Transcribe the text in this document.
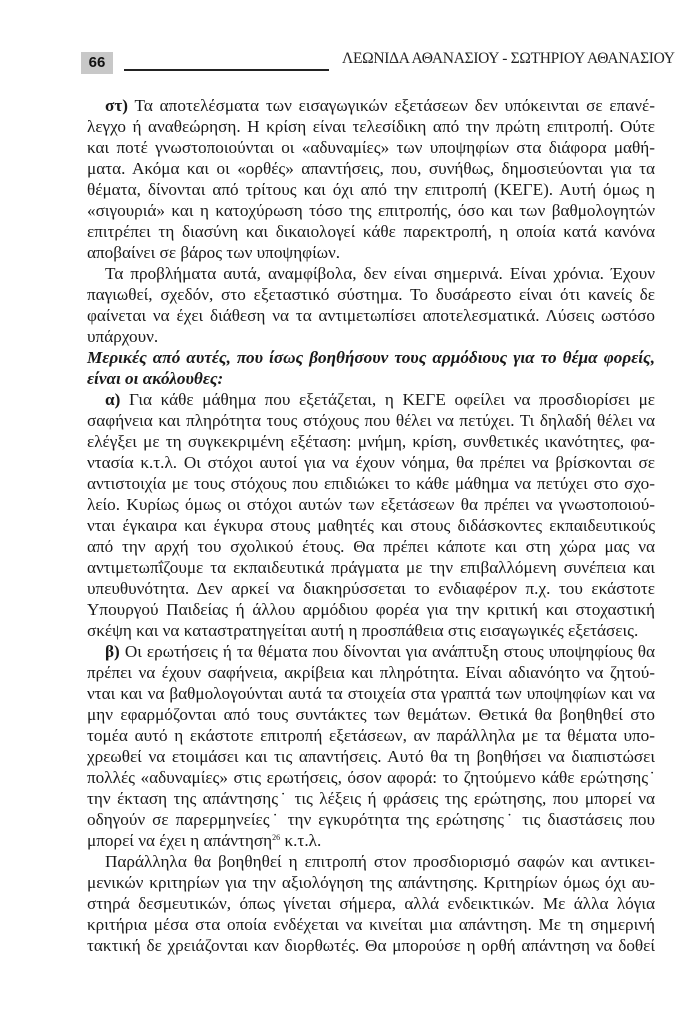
66	ΛΕΩΝΙΔΑ ΑΘΑΝΑΣΙΟΥ - ΣΩΤΗΡΙΟΥ ΑΘΑΝΑΣΙΟΥ
στ) Τα αποτελέσματα των εισαγωγικών εξετάσεων δεν υπόκεινται σε επανέ-
λεγχο ή αναθεώρηση. Η κρίση είναι τελεσίδικη από την πρώτη επιτροπή. Ούτε
και ποτέ γνωστοποιούνται οι «αδυναμίες» των υποψηφίων στα διάφορα μαθή-
ματα. Ακόμα και οι «ορθές» απαντήσεις, που, συνήθως, δημοσιεύονται για τα
θέματα, δίνονται από τρίτους και όχι από την επιτροπή (ΚΕΓΕ). Αυτή όμως η
«σιγουριά» και η κατοχύρωση τόσο της επιτροπής, όσο και των βαθμολογητών
επιτρέπει τη διασύνη και δικαιολογεί κάθε παρεκτροπή, η οποία κατά κανόνα
αποβαίνει σε βάρος των υποψηφίων.
Τα προβλήματα αυτά, αναμφίβολα, δεν είναι σημερινά. Είναι χρόνια. Έχουν
παγιωθεί, σχεδόν, στο εξεταστικό σύστημα. Το δυσάρεστο είναι ότι κανείς δε
φαίνεται να έχει διάθεση να τα αντιμετωπίσει αποτελεσματικά. Λύσεις ωστόσο
υπάρχουν.
Μερικές από αυτές, που ίσως βοηθήσουν τους αρμόδιους για το θέμα φορείς,
είναι οι ακόλουθες:
α) Για κάθε μάθημα που εξετάζεται, η ΚΕΓΕ οφείλει να προσδιορίσει με
σαφήνεια και πληρότητα τους στόχους που θέλει να πετύχει. Τι δηλαδή θέλει να
ελέγξει με τη συγκεκριμένη εξέταση: μνήμη, κρίση, συνθετικές ικανότητες, φα-
ντασία κ.τ.λ. Οι στόχοι αυτοί για να έχουν νόημα, θα πρέπει να βρίσκονται σε
αντιστοιχία με τους στόχους που επιδιώκει το κάθε μάθημα να πετύχει στο σχο-
λείο. Κυρίως όμως οι στόχοι αυτών των εξετάσεων θα πρέπει να γνωστοποιού-
νται έγκαιρα και έγκυρα στους μαθητές και στους διδάσκοντες εκπαιδευτικούς
από την αρχή του σχολικού έτους. Θα πρέπει κάποτε και στη χώρα μας να
αντιμετωπΐζουμε τα εκπαιδευτικά πράγματα με την επιβαλλόμενη συνέπεια και
υπευθυνότητα. Δεν αρκεί να διακηρύσσεται το ενδιαφέρον π.χ. του εκάστοτε
Υπουργού Παιδείας ή άλλου αρμόδιου φορέα για την κριτική και στοχαστική
σκέψη και να καταστρατηγείται αυτή η προσπάθεια στις εισαγωγικές εξετάσεις.
β) Οι ερωτήσεις ή τα θέματα που δίνονται για ανάπτυξη στους υποψηφίους θα
πρέπει να έχουν σαφήνεια, ακρίβεια και πληρότητα. Είναι αδιανόητο να ζητού-
νται και να βαθμολογούνται αυτά τα στοιχεία στα γραπτά των υποψηφίων και να
μην εφαρμόζονται από τους συντάκτες των θεμάτων. Θετικά θα βοηθηθεί στο
τομέα αυτό η εκάστοτε επιτροπή εξετάσεων, αν παράλληλα με τα θέματα υπο-
χρεωθεί να ετοιμάσει και τις απαντήσεις. Αυτό θα τη βοηθήσει να διαπιστώσει
πολλές «αδυναμίες» στις ερωτήσεις, όσον αφορά: το ζητούμενο κάθε ερώτησης˙
την έκταση της απάντησης˙ τις λέξεις ή φράσεις της ερώτησης, που μπορεί να
οδηγούν σε παρερμηνείες˙ την εγκυρότητα της ερώτησης˙ τις διαστάσεις που
μπορεί να έχει η απάντηση$^{26}$ κ.τ.λ.
Παράλληλα θα βοηθηθεί η επιτροπή στον προσδιορισμό σαφών και αντικει-
μενικών κριτηρίων για την αξιολόγηση της απάντησης. Κριτηρίων όμως όχι αυ-
στηρά δεσμευτικών, όπως γίνεται σήμερα, αλλά ενδεικτικών. Με άλλα λόγια
κριτήρια μέσα στα οποία ενδέχεται να κινείται μια απάντηση. Με τη σημερινή
τακτική δε χρειάζονται καν διορθωτές. Θα μπορούσε η ορθή απάντηση να δοθεί
